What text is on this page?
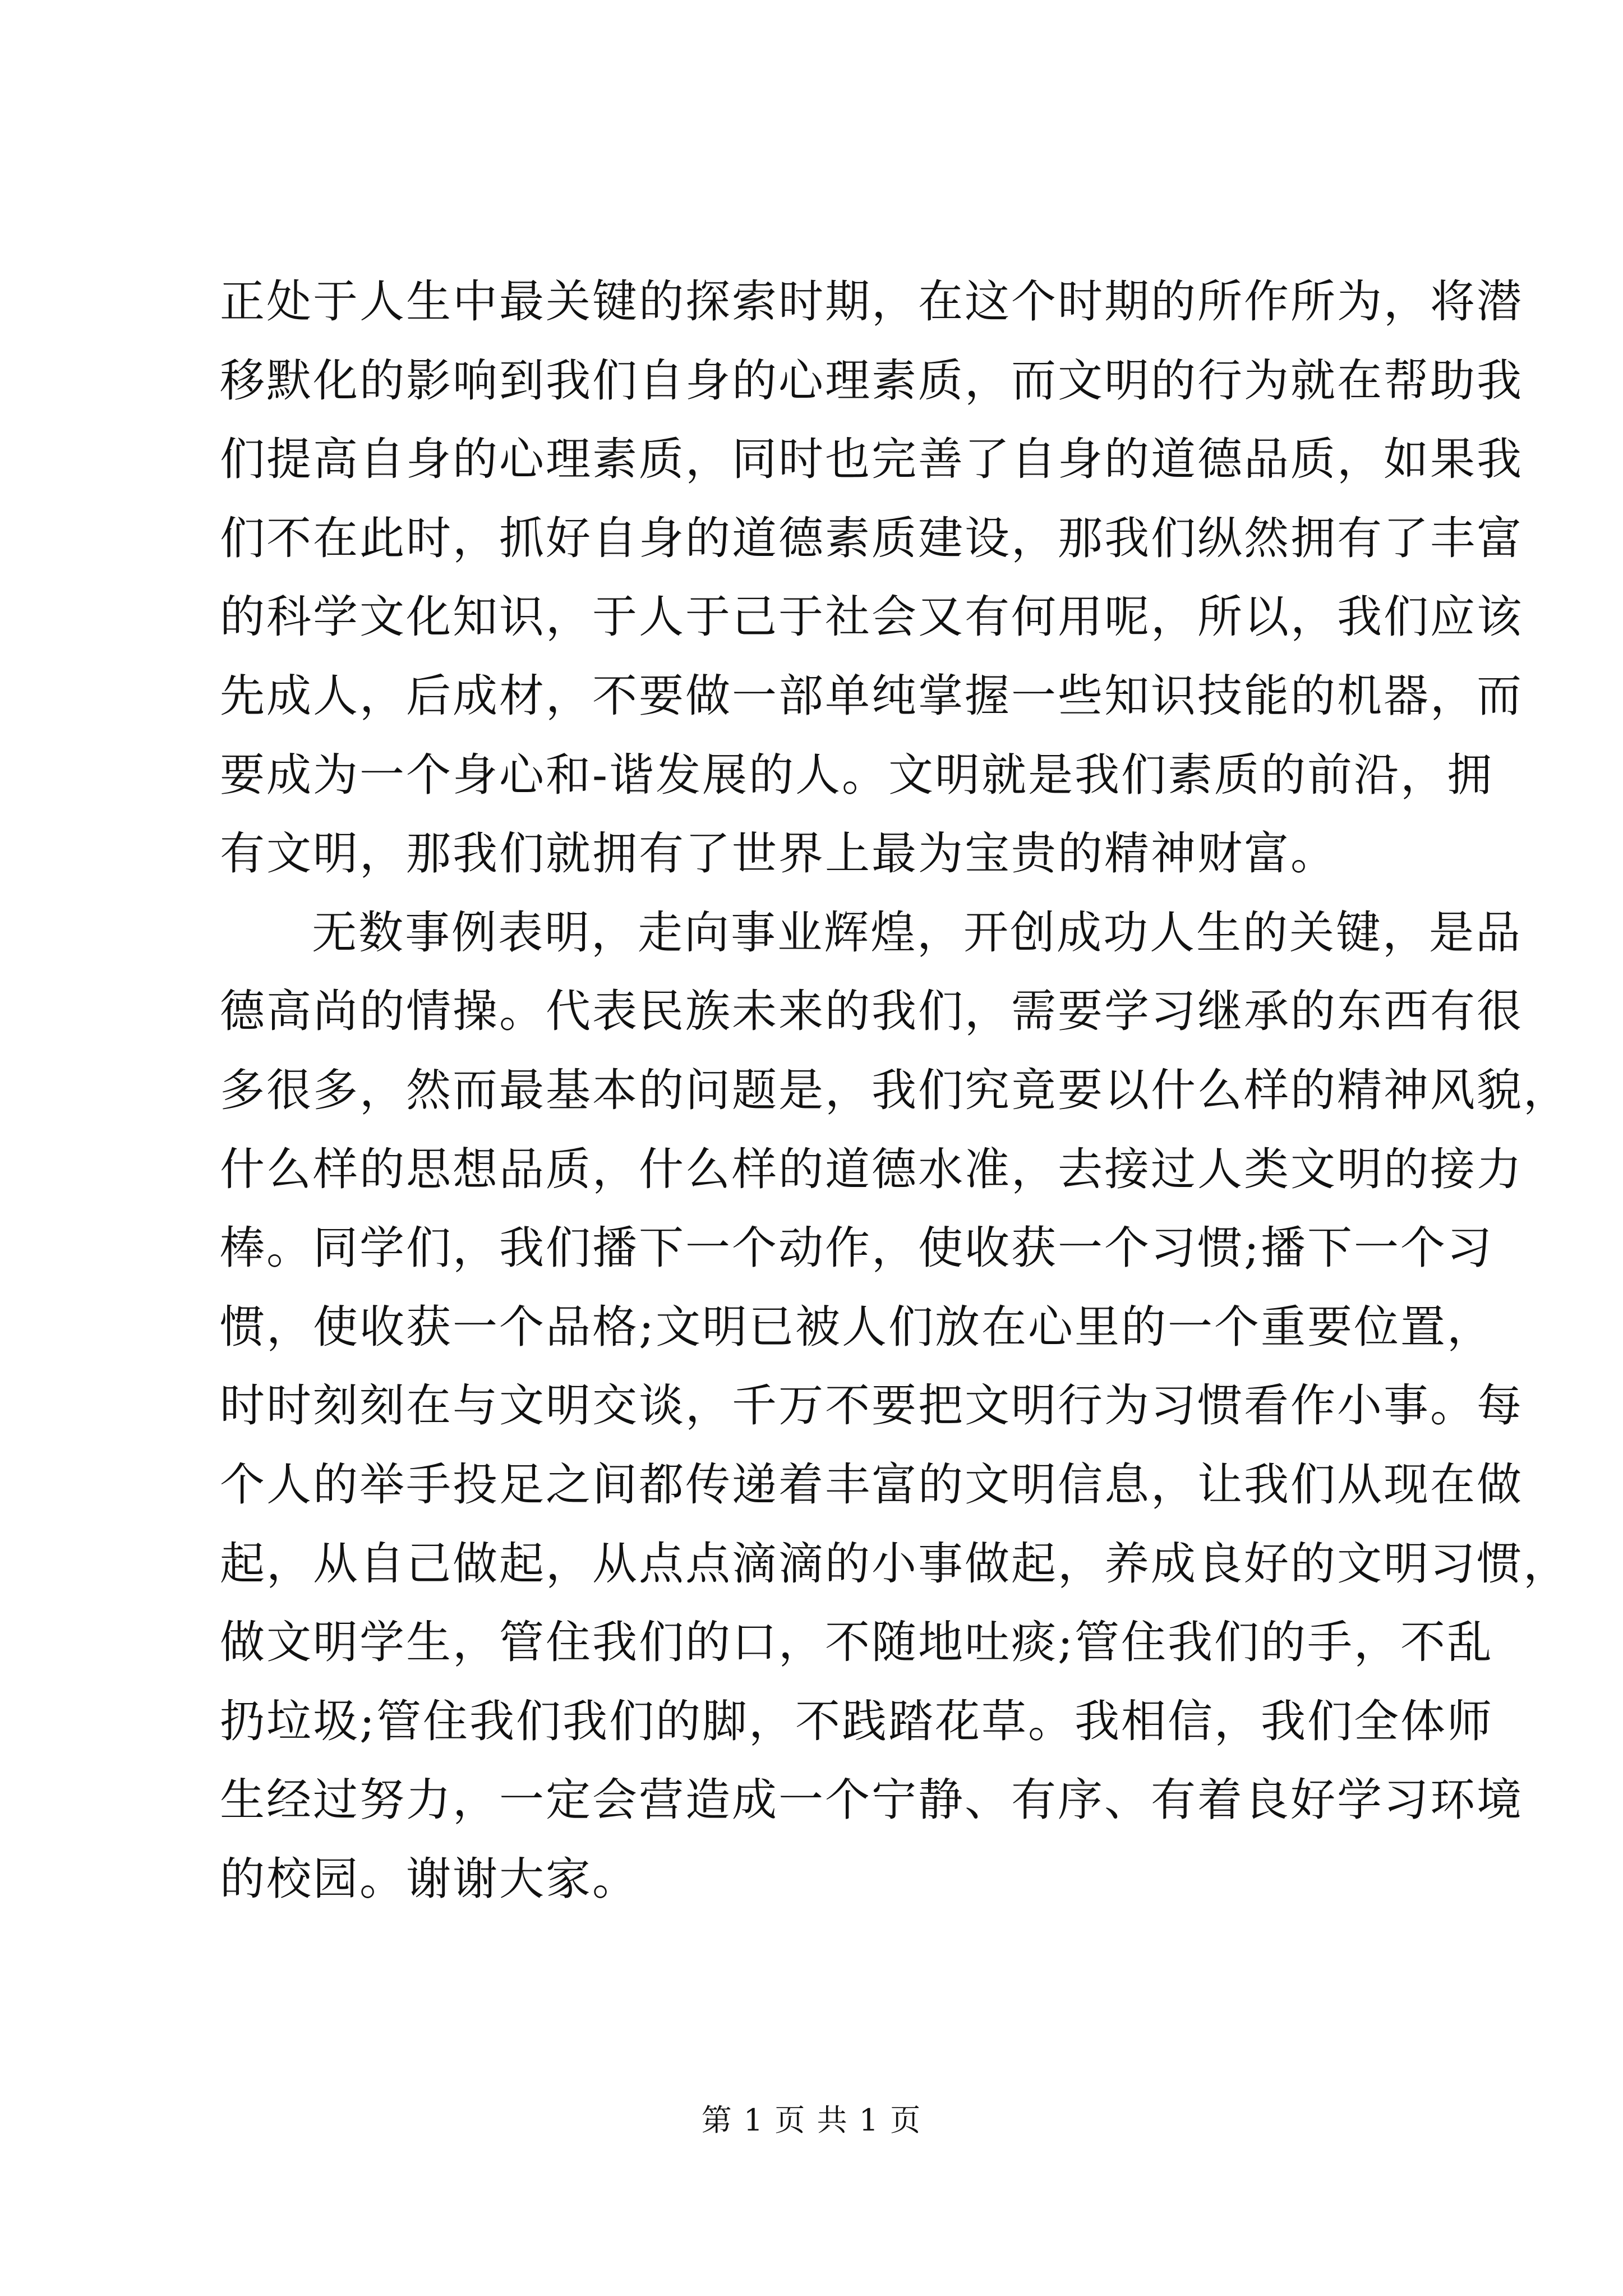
正处于人生中最关键的探索时期，在这个时期的所作所为，将潜
移默化的影响到我们自身的心理素质，而文明的行为就在帮助我
们提高自身的心理素质，同时也完善了自身的道德品质，如果我
们不在此时，抓好自身的道德素质建设，那我们纵然拥有了丰富
的科学文化知识，于人于己于社会又有何用呢，所以，我们应该
先成人，后成材，不要做一部单纯掌握一些知识技能的机器，而
要成为一个身心和-谐发展的人。文明就是我们素质的前沿，拥
有文明，那我们就拥有了世界上最为宝贵的精神财富。
无数事例表明，走向事业辉煌，开创成功人生的关键，是品
德高尚的情操。代表民族未来的我们，需要学习继承的东西有很
多很多，然而最基本的问题是，我们究竟要以什么样的精神风貌，
什么样的思想品质，什么样的道德水准，去接过人类文明的接力
棒。同学们，我们播下一个动作，使收获一个习惯;播下一个习
惯，使收获一个品格;文明已被人们放在心里的一个重要位置，
时时刻刻在与文明交谈，千万不要把文明行为习惯看作小事。每
个人的举手投足之间都传递着丰富的文明信息，让我们从现在做
起，从自己做起，从点点滴滴的小事做起，养成良好的文明习惯，
做文明学生，管住我们的口，不随地吐痰;管住我们的手，不乱
扔垃圾;管住我们我们的脚，不践踏花草。我相信，我们全体师
生经过努力，一定会营造成一个宁静、有序、有着良好学习环境
的校园。谢谢大家。
第 1 页 共 1 页
